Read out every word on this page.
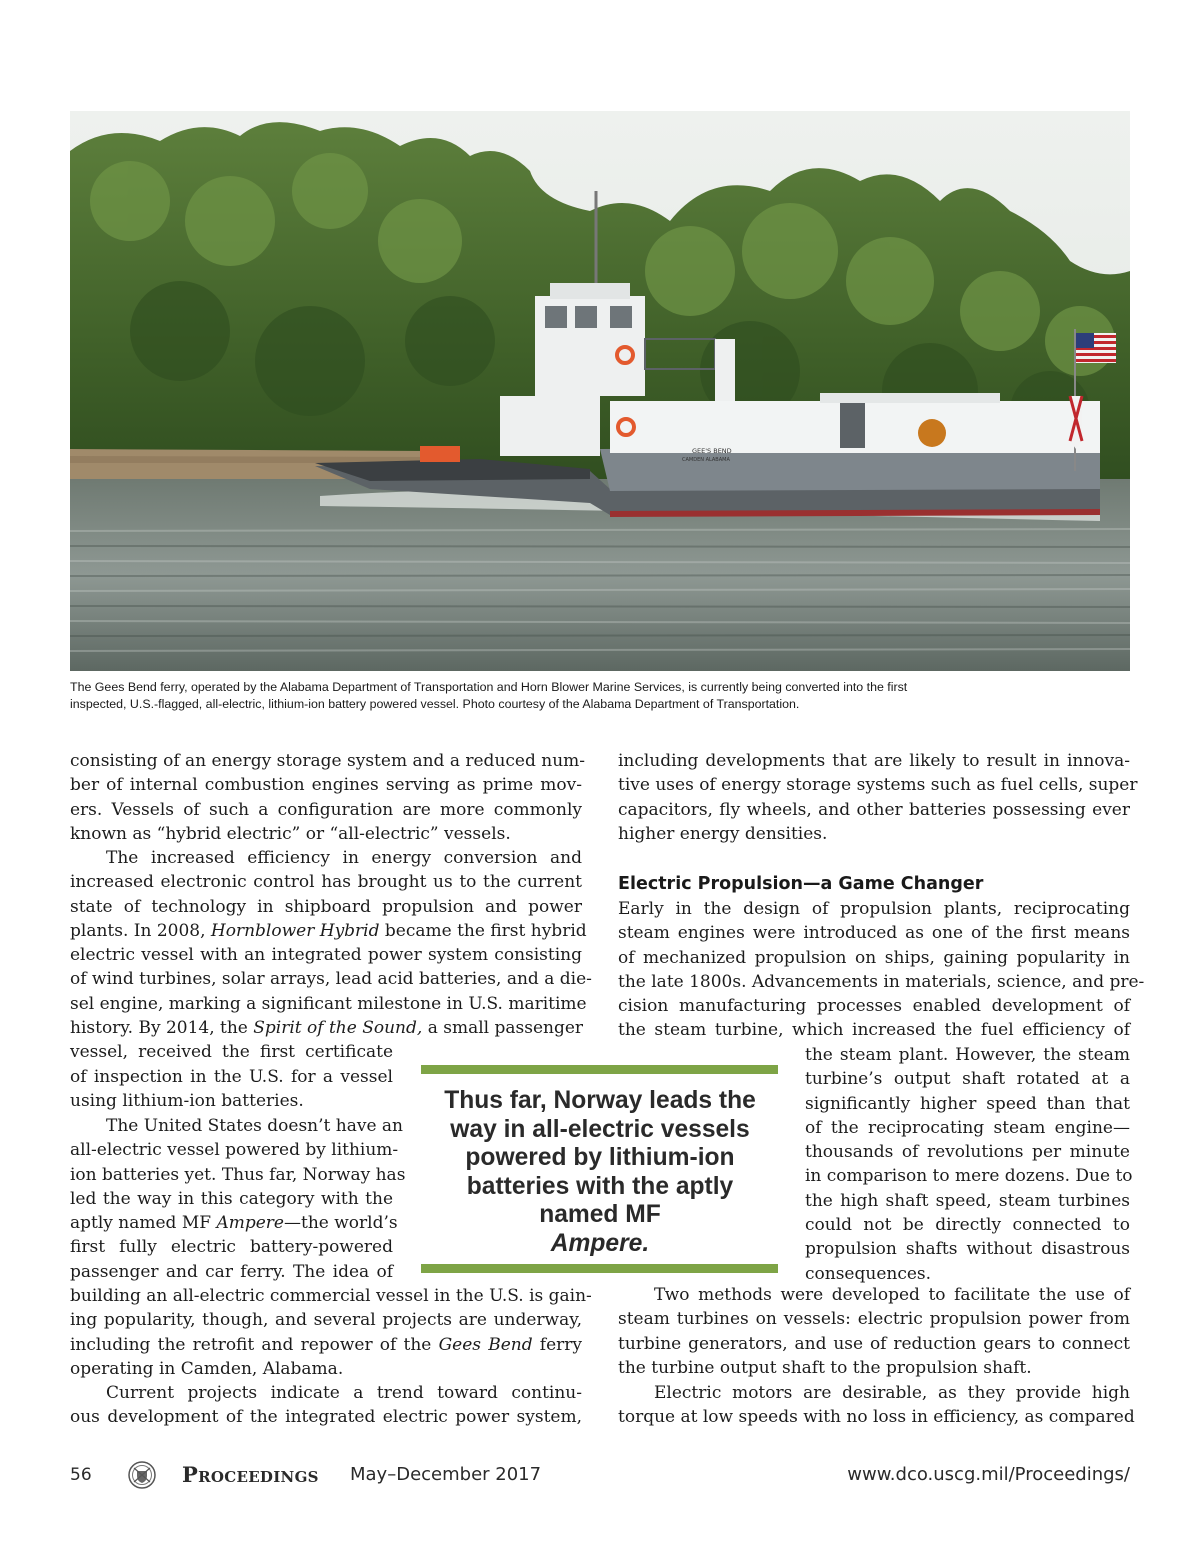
GEE'S BEND
CAMDEN ALABAMA

The Gees Bend ferry, operated by the Alabama Department of Transportation and Horn Blower Marine Services, is currently being converted into the first

inspected, U.S.-flagged, all-electric, lithium-ion battery powered vessel. Photo courtesy of the Alabama Department of Transportation.

consisting of an energy storage system and a reduced num-
ber of internal combustion engines serving as prime mov-
ers. Vessels of such a configuration are more commonly
known as “hybrid electric” or “all-electric” vessels.

The increased efficiency in energy conversion and
increased electronic control has brought us to the current
state of technology in shipboard propulsion and power
plants. In 2008, Hornblower Hybrid became the first hybrid
electric vessel with an integrated power system consisting
of wind turbines, solar arrays, lead acid batteries, and a die-
sel engine, marking a significant milestone in U.S. maritime
history. By 2014, the Spirit of the Sound, a small passenger
vessel, received the first certificate
of inspection in the U.S. for a vessel
using lithium-ion batteries.

The United States doesn’t have an
all-electric vessel powered by lithium-
ion batteries yet. Thus far, Norway has
led the way in this category with the
aptly named MF Ampere—the world’s
first fully electric battery-powered
passenger and car ferry. The idea of
building an all-electric commercial vessel in the U.S. is gain-
ing popularity, though, and several projects are underway,
including the retrofit and repower of the Gees Bend ferry
operating in Camden, Alabama.

Current projects indicate a trend toward continu-
ous development of the integrated electric power system,

Thus far, Norway leads the
way in all-electric vessels
powered by lithium-ion
batteries with the aptly
named MF
Ampere.

including developments that are likely to result in innova-
tive uses of energy storage systems such as fuel cells, super
capacitors, fly wheels, and other batteries possessing ever
higher energy densities.

Electric Propulsion—a Game Changer

Early in the design of propulsion plants, reciprocating
steam engines were introduced as one of the first means
of mechanized propulsion on ships, gaining popularity in
the late 1800s. Advancements in materials, science, and pre-
cision manufacturing processes enabled development of
the steam turbine, which increased the fuel efficiency of

the steam plant. However, the steam
turbine’s output shaft rotated at a
significantly higher speed than that
of the reciprocating steam engine—
thousands of revolutions per minute
in comparison to mere dozens. Due to
the high shaft speed, steam turbines
could not be directly connected to
propulsion shafts without disastrous
consequences.

Two methods were developed to facilitate the use of
steam turbines on vessels: electric propulsion power from
turbine generators, and use of reduction gears to connect
the turbine output shaft to the propulsion shaft.

Electric motors are desirable, as they provide high
torque at low speeds with no loss in efficiency, as compared

56	Proceedings May–December 2017	www.dco.uscg.mil/Proceedings/
